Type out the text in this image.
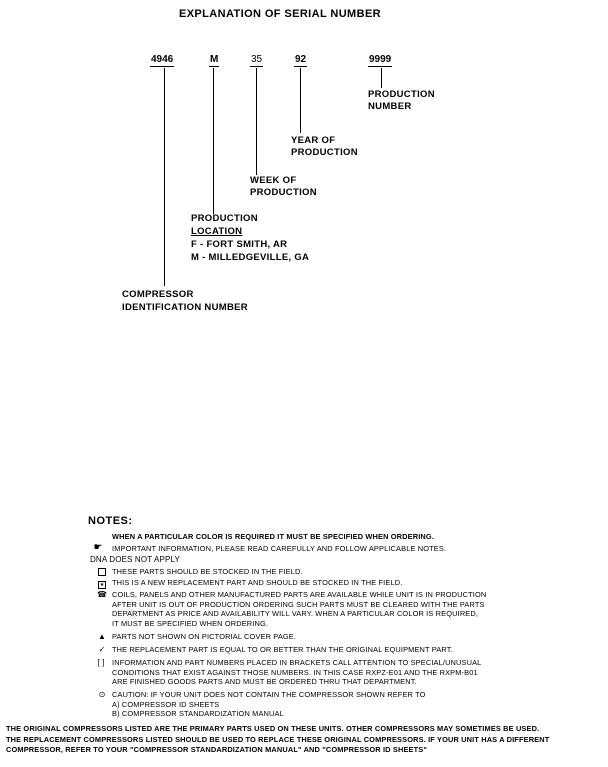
EXPLANATION OF SERIAL NUMBER
4946	M	35	92	9999
PRODUCTION
NUMBER
YEAR OF
PRODUCTION
WEEK OF
PRODUCTION
PRODUCTION
LOCATION
F - FORT SMITH, AR
M - MILLEDGEVILLE, GA
COMPRESSOR
IDENTIFICATION NUMBER
NOTES:
WHEN A PARTICULAR COLOR IS REQUIRED IT MUST BE SPECIFIED WHEN ORDERING.
☛ IMPORTANT INFORMATION, PLEASE READ CAREFULLY AND FOLLOW APPLICABLE NOTES.
DNA DOES NOT APPLY
THESE PARTS SHOULD BE STOCKED IN THE FIELD.
★	THIS IS A NEW REPLACEMENT PART AND SHOULD BE STOCKED IN THE FIELD.
☎ COILS, PANELS AND OTHER MANUFACTURED PARTS ARE AVAILABLE WHILE UNIT IS IN PRODUCTION
AFTER UNIT IS OUT OF PRODUCTION ORDERING SUCH PARTS MUST BE CLEARED WITH THE PARTS
DEPARTMENT AS PRICE AND AVAILABILITY WILL VARY. WHEN A PARTICULAR COLOR IS REQUIRED,
IT MUST BE SPECIFIED WHEN ORDERING.
▲ PARTS NOT SHOWN ON PICTORIAL COVER PAGE.
✓ THE REPLACEMENT PART IS EQUAL TO OR BETTER THAN THE ORIGINAL EQUIPMENT PART.
[ ]	INFORMATION AND PART NUMBERS PLACED IN BRACKETS CALL ATTENTION TO SPECIAL/UNUSUAL
CONDITIONS THAT EXIST AGAINST THOSE NUMBERS. IN THIS CASE RXPZ-E01 AND THE RXPM-B01
ARE FINISHED GOODS PARTS AND MUST BE ORDERED THRU THAT DEPARTMENT.
⊙ CAUTION: IF YOUR UNIT DOES NOT CONTAIN THE COMPRESSOR SHOWN REFER TO
A) COMPRESSOR ID SHEETS
B) COMPRESSOR STANDARDIZATION MANUAL
THE ORIGINAL COMPRESSORS LISTED ARE THE PRIMARY PARTS USED ON THESE UNITS. OTHER COMPRESSORS MAY SOMETIMES BE USED.
THE REPLACEMENT COMPRESSORS LISTED SHOULD BE USED TO REPLACE THESE ORIGINAL COMPRESSORS. IF YOUR UNIT HAS A DIFFERENT
COMPRESSOR, REFER TO YOUR "COMPRESSOR STANDARDIZATION MANUAL" AND "COMPRESSOR ID SHEETS"
